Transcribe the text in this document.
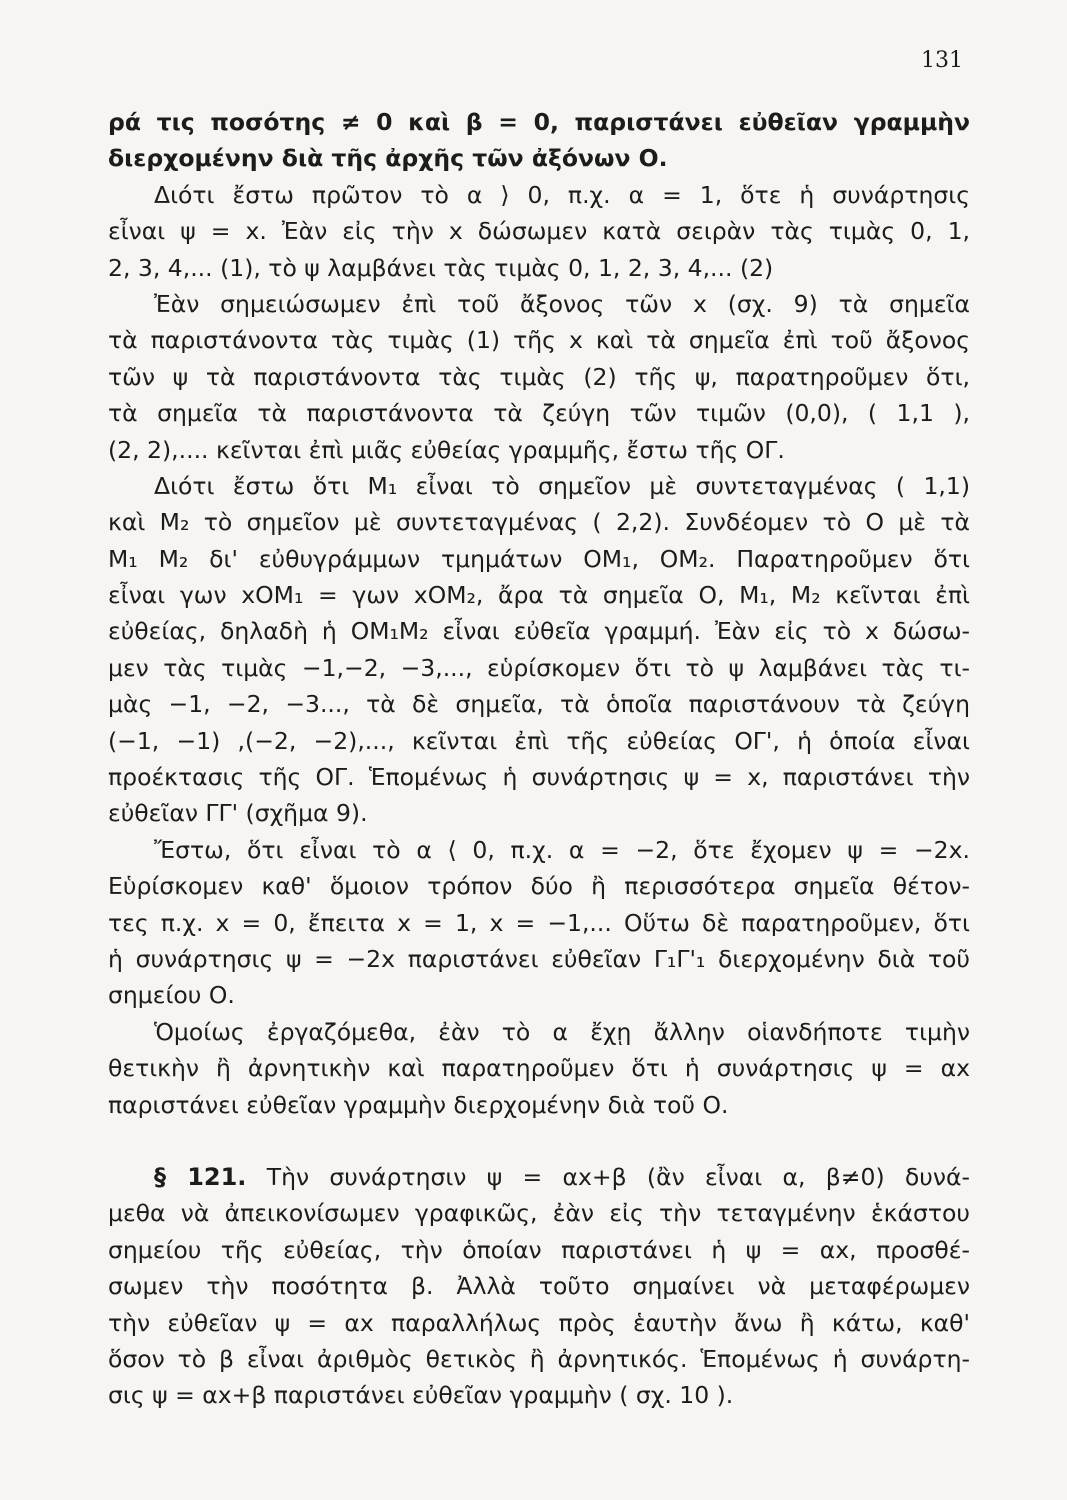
131
ρά τις ποσότης ≠ 0 καὶ β = 0, παριστάνει εὐθεῖαν γραμμὴν
διερχομένην διὰ τῆς ἀρχῆς τῶν ἀξόνων Ο.
Διότι ἔστω πρῶτον τὸ α ⟩ 0, π.χ. α = 1, ὅτε ἡ συνάρτησις
εἶναι ψ = x. Ἐὰν εἰς τὴν x δώσωμεν κατὰ σειρὰν τὰς τιμὰς 0, 1,
2, 3, 4,... (1), τὸ ψ λαμβάνει τὰς τιμὰς 0, 1, 2, 3, 4,... (2)
Ἐὰν σημειώσωμεν ἐπὶ τοῦ ἄξονος τῶν x (σχ. 9) τὰ σημεῖα
τὰ παριστάνοντα τὰς τιμὰς (1) τῆς x καὶ τὰ σημεῖα ἐπὶ τοῦ ἄξονος
τῶν ψ τὰ παριστάνοντα τὰς τιμὰς (2) τῆς ψ, παρατηροῦμεν ὅτι,
τὰ σημεῖα τὰ παριστάνοντα τὰ ζεύγη τῶν τιμῶν (0,0), ( 1,1 ),
(2, 2),.... κεῖνται ἐπὶ μιᾶς εὐθείας γραμμῆς, ἔστω τῆς ΟΓ.
Διότι ἔστω ὅτι Μ₁ εἶναι τὸ σημεῖον μὲ συντεταγμένας ( 1,1)
καὶ Μ₂ τὸ σημεῖον μὲ συντεταγμένας ( 2,2). Συνδέομεν τὸ Ο μὲ τὰ
Μ₁ Μ₂ δι' εὐθυγράμμων τμημάτων ΟΜ₁, ΟΜ₂. Παρατηροῦμεν ὅτι
εἶναι γων xOM₁ = γων xOM₂, ἄρα τὰ σημεῖα Ο, Μ₁, Μ₂ κεῖνται ἐπὶ
εὐθείας, δηλαδὴ ἡ ΟΜ₁Μ₂ εἶναι εὐθεῖα γραμμή. Ἐὰν εἰς τὸ x δώσω-
μεν τὰς τιμὰς −1,−2, −3,..., εὑρίσκομεν ὅτι τὸ ψ λαμβάνει τὰς τι-
μὰς −1, −2, −3..., τὰ δὲ σημεῖα, τὰ ὁποῖα παριστάνουν τὰ ζεύγη
(−1, −1) ,(−2, −2),..., κεῖνται ἐπὶ τῆς εὐθείας ΟΓ', ἡ ὁποία εἶναι
προέκτασις τῆς ΟΓ. Ἑπομένως ἡ συνάρτησις ψ = x, παριστάνει τὴν
εὐθεῖαν ΓΓ' (σχῆμα 9).
Ἔστω, ὅτι εἶναι τὸ α ⟨ 0, π.χ. α = −2, ὅτε ἔχομεν ψ = −2x.
Εὑρίσκομεν καθ' ὅμοιον τρόπον δύο ἢ περισσότερα σημεῖα θέτον-
τες π.χ. x = 0, ἔπειτα x = 1, x = −1,... Οὕτω δὲ παρατηροῦμεν, ὅτι
ἡ συνάρτησις ψ = −2x παριστάνει εὐθεῖαν Γ₁Γ'₁ διερχομένην διὰ τοῦ
σημείου Ο.
Ὁμοίως ἐργαζόμεθα, ἐὰν τὸ α ἔχῃ ἄλλην οἱανδήποτε τιμὴν
θετικὴν ἢ ἀρνητικὴν καὶ παρατηροῦμεν ὅτι ἡ συνάρτησις ψ = αx
παριστάνει εὐθεῖαν γραμμὴν διερχομένην διὰ τοῦ Ο.
§ 121. Τὴν συνάρτησιν ψ = αx+β (ἂν εἶναι α, β≠0) δυνά-
μεθα νὰ ἀπεικονίσωμεν γραφικῶς, ἐὰν εἰς τὴν τεταγμένην ἑκάστου
σημείου τῆς εὐθείας, τὴν ὁποίαν παριστάνει ἡ ψ = αx, προσθέ-
σωμεν τὴν ποσότητα β. Ἀλλὰ τοῦτο σημαίνει νὰ μεταφέρωμεν
τὴν εὐθεῖαν ψ = αx παραλλήλως πρὸς ἑαυτὴν ἄνω ἢ κάτω, καθ'
ὅσον τὸ β εἶναι ἀριθμὸς θετικὸς ἢ ἀρνητικός. Ἑπομένως ἡ συνάρτη-
σις ψ = αx+β παριστάνει εὐθεῖαν γραμμὴν ( σχ. 10 ).
